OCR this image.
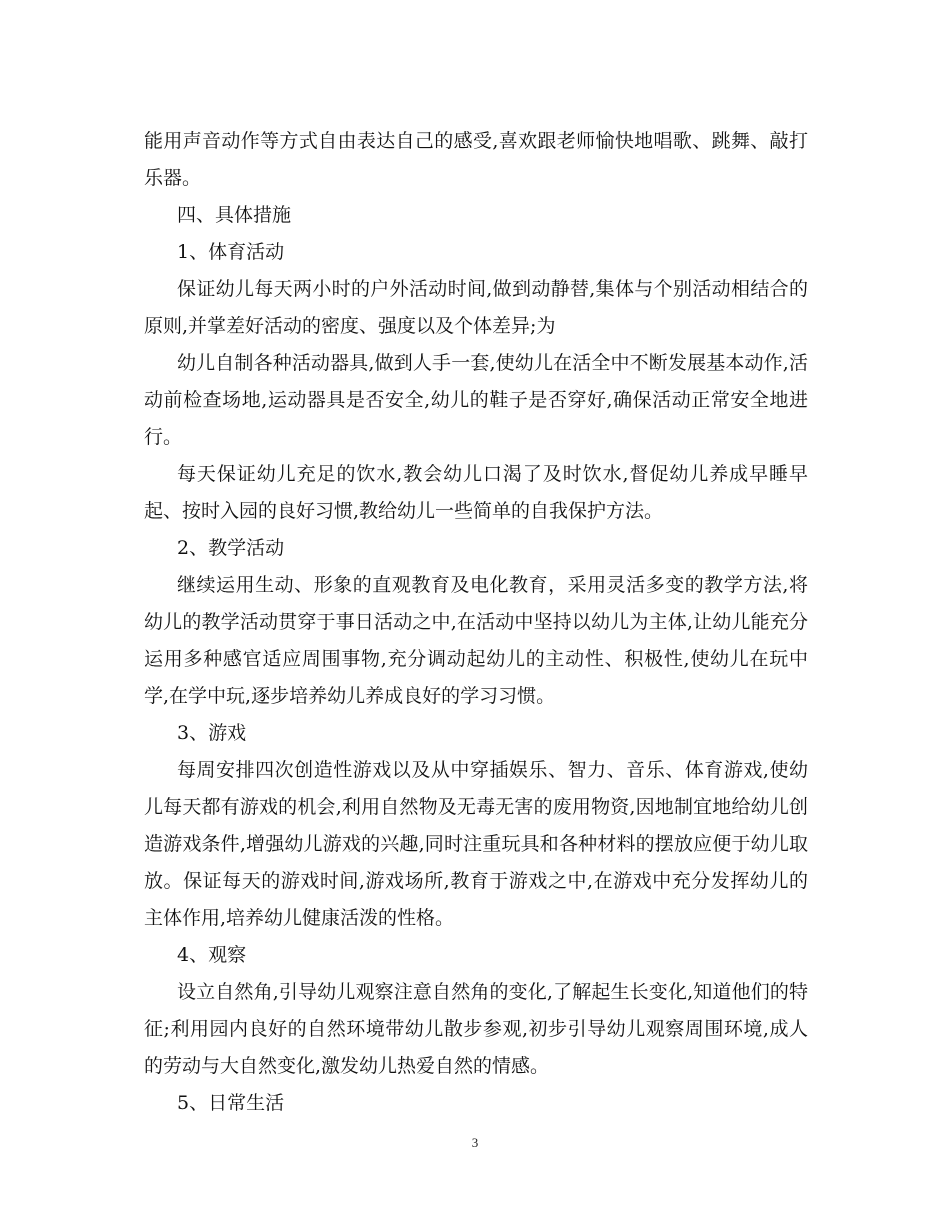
能用声音动作等方式自由表达自己的感受,喜欢跟老师愉快地唱歌、跳舞、敲打乐器。

四、具体措施

1、体育活动

保证幼儿每天两小时的户外活动时间,做到动静替,集体与个别活动相结合的原则,并掌差好活动的密度、强度以及个体差异;为

幼儿自制各种活动器具,做到人手一套,使幼儿在活全中不断发展基本动作,活动前检查场地,运动器具是否安全,幼儿的鞋子是否穿好,确保活动正常安全地进行。

每天保证幼儿充足的饮水,教会幼儿口渴了及时饮水,督促幼儿养成早睡早起、按时入园的良好习惯,教给幼儿一些简单的自我保护方法。

2、教学活动

继续运用生动、形象的直观教育及电化教育，采用灵活多变的教学方法,将幼儿的教学活动贯穿于事日活动之中,在活动中坚持以幼儿为主体,让幼儿能充分运用多种感官适应周围事物,充分调动起幼儿的主动性、积极性,使幼儿在玩中学,在学中玩,逐步培养幼儿养成良好的学习习惯。

3、游戏

每周安排四次创造性游戏以及从中穿插娱乐、智力、音乐、体育游戏,使幼儿每天都有游戏的机会,利用自然物及无毒无害的废用物资,因地制宜地给幼儿创造游戏条件,增强幼儿游戏的兴趣,同时注重玩具和各种材料的摆放应便于幼儿取放。保证每天的游戏时间,游戏场所,教育于游戏之中,在游戏中充分发挥幼儿的主体作用,培养幼儿健康活泼的性格。

4、观察

设立自然角,引导幼儿观察注意自然角的变化,了解起生长变化,知道他们的特征;利用园内良好的自然环境带幼儿散步参观,初步引导幼儿观察周围环境,成人的劳动与大自然变化,激发幼儿热爱自然的情感。

5、日常生活

3
